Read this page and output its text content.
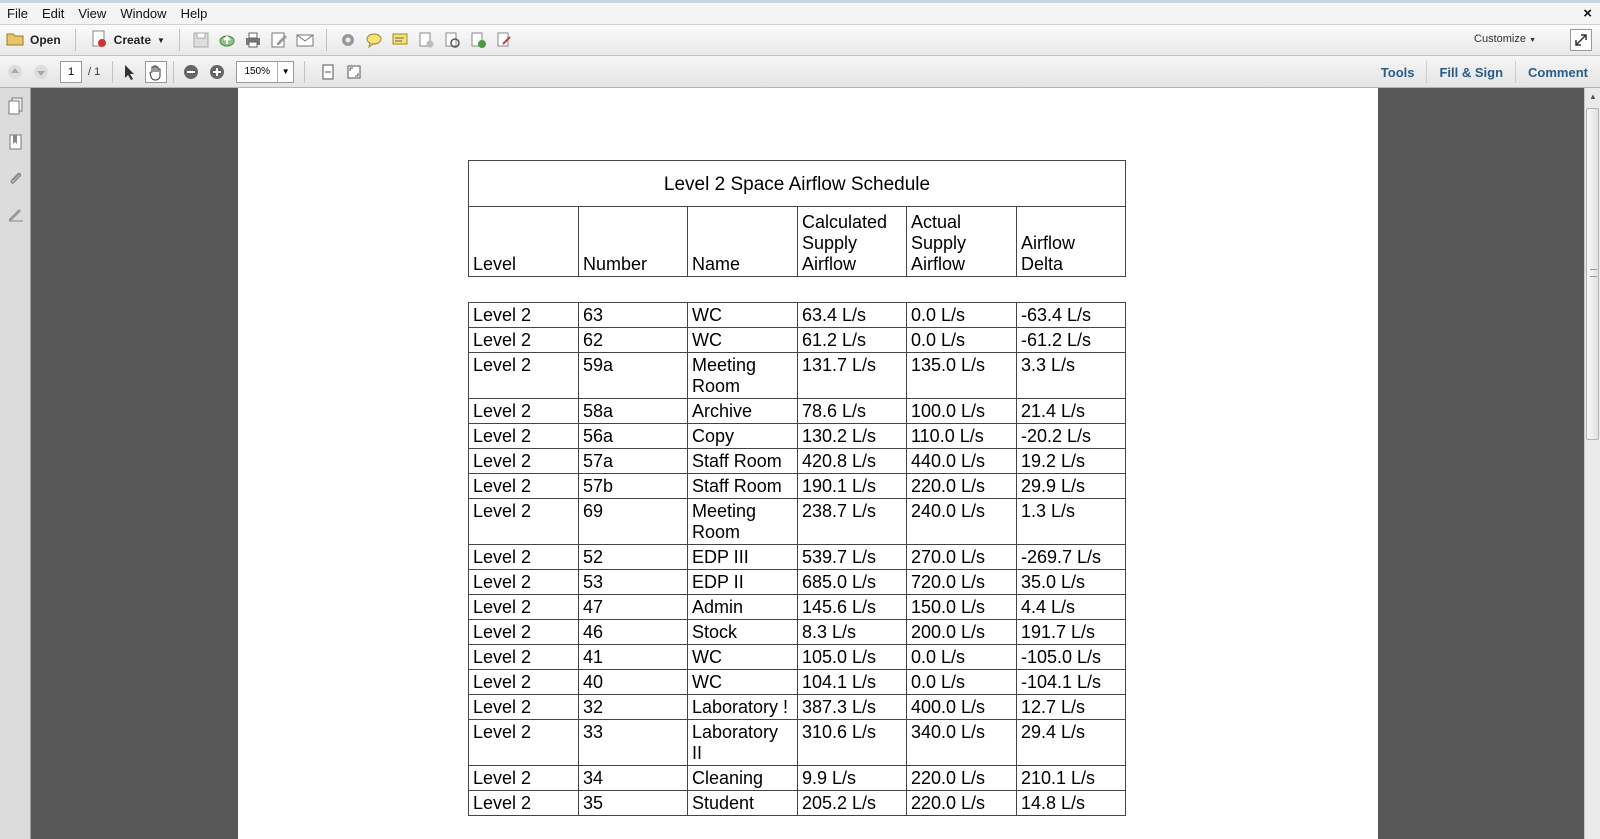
File	Edit	View	Window	Help	×
Open	Create ▼	Customize ▼
1	/ 1	150%	▼	Tools	Fill & Sign	Comment
Level 2 Space Airflow Schedule					
Level	Number	Name	Calculated Supply Airflow	Actual Supply Airflow	Airflow Delta

Level 2	63	WC	63.4 L/s	0.0 L/s	-63.4 L/s
Level 2	62	WC	61.2 L/s	0.0 L/s	-61.2 L/s
Level 2	59a	Meeting Room	131.7 L/s	135.0 L/s	3.3 L/s
Level 2	58a	Archive	78.6 L/s	100.0 L/s	21.4 L/s
Level 2	56a	Copy	130.2 L/s	110.0 L/s	-20.2 L/s
Level 2	57a	Staff Room	420.8 L/s	440.0 L/s	19.2 L/s
Level 2	57b	Staff Room	190.1 L/s	220.0 L/s	29.9 L/s
Level 2	69	Meeting Room	238.7 L/s	240.0 L/s	1.3 L/s
Level 2	52	EDP III	539.7 L/s	270.0 L/s	-269.7 L/s
Level 2	53	EDP II	685.0 L/s	720.0 L/s	35.0 L/s
Level 2	47	Admin	145.6 L/s	150.0 L/s	4.4 L/s
Level 2	46	Stock	8.3 L/s	200.0 L/s	191.7 L/s
Level 2	41	WC	105.0 L/s	0.0 L/s	-105.0 L/s
Level 2	40	WC	104.1 L/s	0.0 L/s	-104.1 L/s
Level 2	32	Laboratory !	387.3 L/s	400.0 L/s	12.7 L/s
Level 2	33	Laboratory II	310.6 L/s	340.0 L/s	29.4 L/s
Level 2	34	Cleaning	9.9 L/s	220.0 L/s	210.1 L/s
Level 2	35	Student	205.2 L/s	220.0 L/s	14.8 L/s
▲
